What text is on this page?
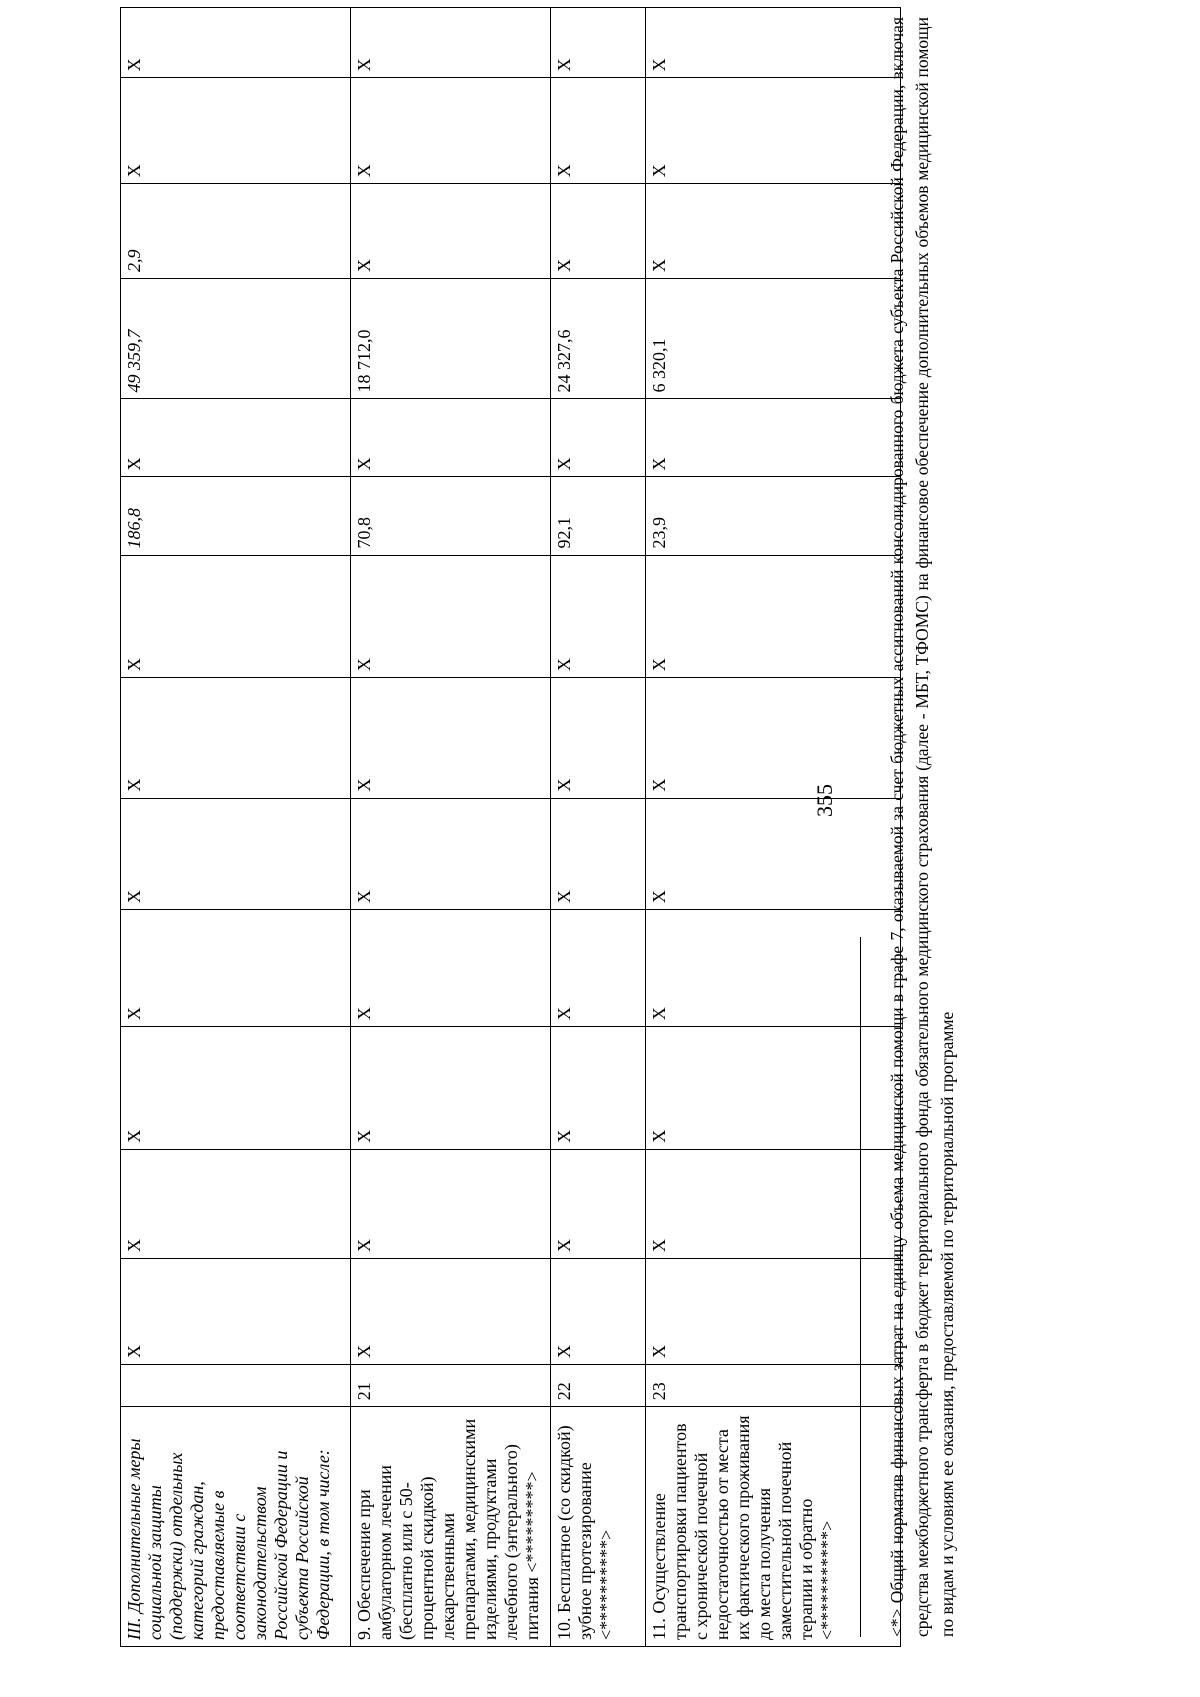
III. Дополнительные меры социальной защиты (поддержки) отдельных категорий граждан, предоставляемые в соответствии с законодательством Российской Федерации и субъекта Российской Федерации, в том числе:		Х	Х	Х	Х	Х	Х	Х	186,8	Х	49 359,7	2,9	Х	Х
9. Обеспечение при амбулаторном лечении (бесплатно или с 50-процентной скидкой) лекарственными препаратами, медицинскими изделиями, продуктами лечебного (энтерального) питания <*********>	21	Х	Х	Х	Х	Х	Х	Х	70,8	Х	18 712,0	Х	Х	Х
10. Бесплатное (со скидкой) зубное протезирование <**********>	22	Х	Х	Х	Х	Х	Х	Х	92,1	Х	24 327,6	Х	Х	Х
11. Осуществление транспортировки пациентов с хронической почечной недостаточностью от места их фактического проживания до места получения заместительной почечной терапии и обратно <***********>	23	Х	Х	Х	Х	Х	Х	Х	23,9	Х	6 320,1	Х	Х	Х	<*> Общий норматив финансовых затрат на единицу объема медицинской помощи в графе 7, оказываемой за счет бюджетных ассигнований консолидированного бюджета субъекта Российской Федерации, включая средства межбюджетного трансферта в бюджет территориального фонда обязательного медицинского страхования (далее - МБТ, ТФОМС) на финансовое обеспечение дополнительных объемов медицинской помощи по видам и условиям ее оказания, предоставляемой по территориальной программе
355
